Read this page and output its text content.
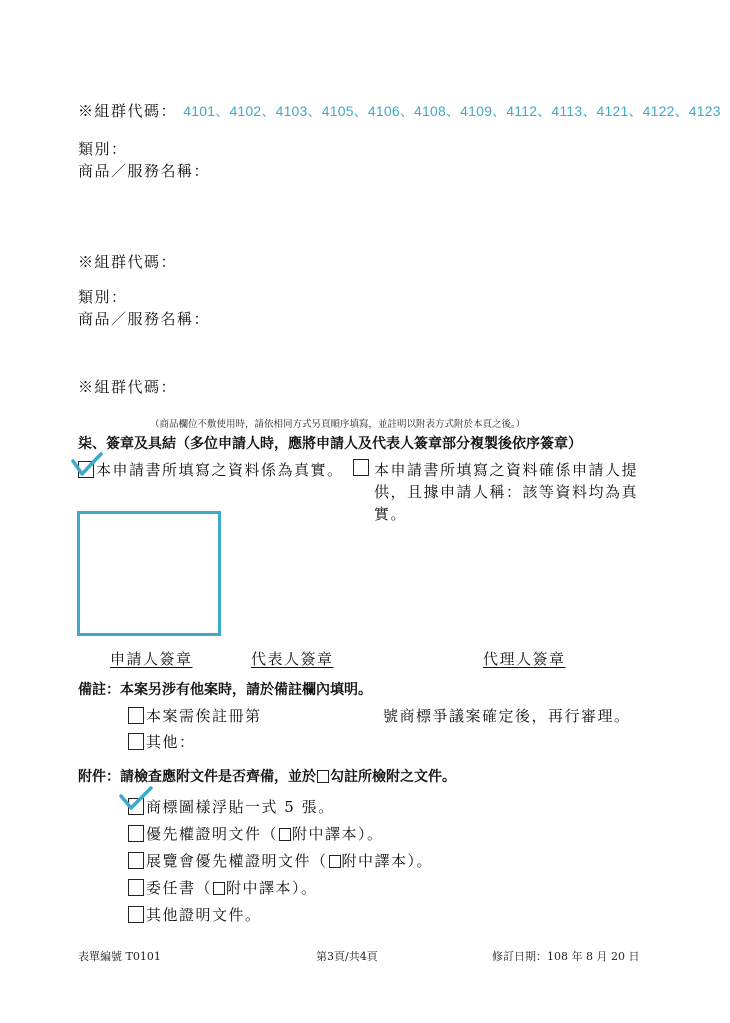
※組群代碼： 4101、4102、4103、4105、4106、4108、4109、4112、4113、4121、4122、4123
類別：
商品／服務名稱：
※組群代碼：
類別：
商品／服務名稱：
※組群代碼：
（商品欄位不敷使用時，請依相同方式另頁順序填寫，並註明以附表方式附於本頁之後。）
柒、簽章及具結（多位申請人時，應將申請人及代表人簽章部分複製後依序簽章）
本申請書所填寫之資料係為真實。 本申請書所填寫之資料確係申請人提供，且據申請人稱：該等資料均為真實。
申請人簽章	代表人簽章	代理人簽章
備註：本案另涉有他案時，請於備註欄內填明。
本案需俟註冊第	號商標爭議案確定後，再行審理。
其他：
附件：請檢查應附文件是否齊備，並於 勾註所檢附之文件。
商標圖樣浮貼一式 5 張。
優先權證明文件（ 附中譯本）。
展覽會優先權證明文件（ 附中譯本）。
委任書（ 附中譯本）。
其他證明文件。
表單編號 T0101	第3頁/共4頁	修訂日期：108 年 8 月 20 日
